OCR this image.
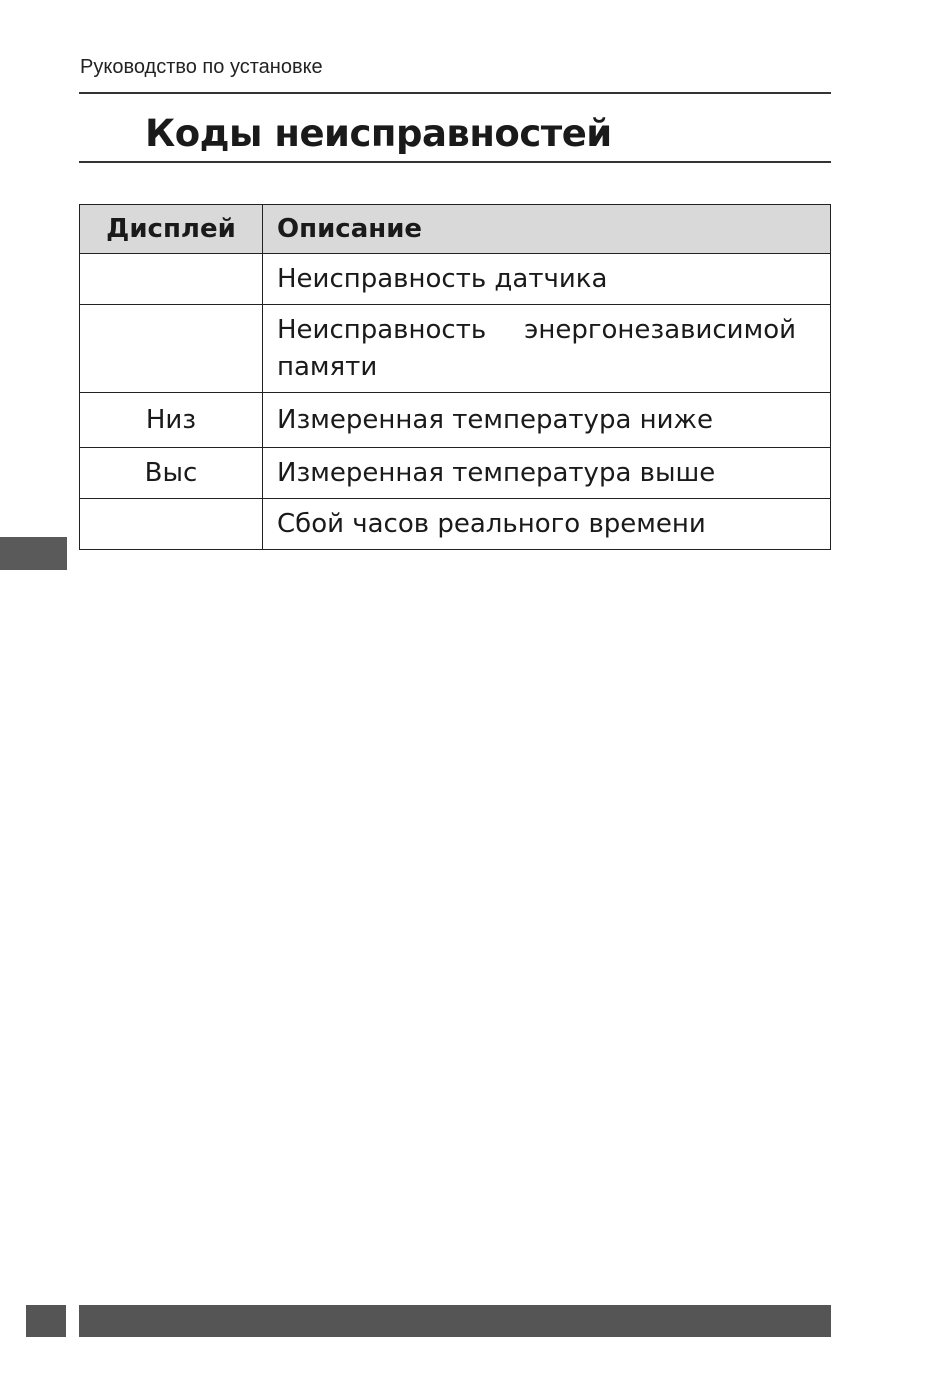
Руководство по установке
Коды неисправностей
Дисплей	Описание
	Неисправность датчика
	Неисправность энергонезависимой памяти
Низ	Измеренная температура ниже
Выс	Измеренная температура выше
	Сбой часов реального времени
